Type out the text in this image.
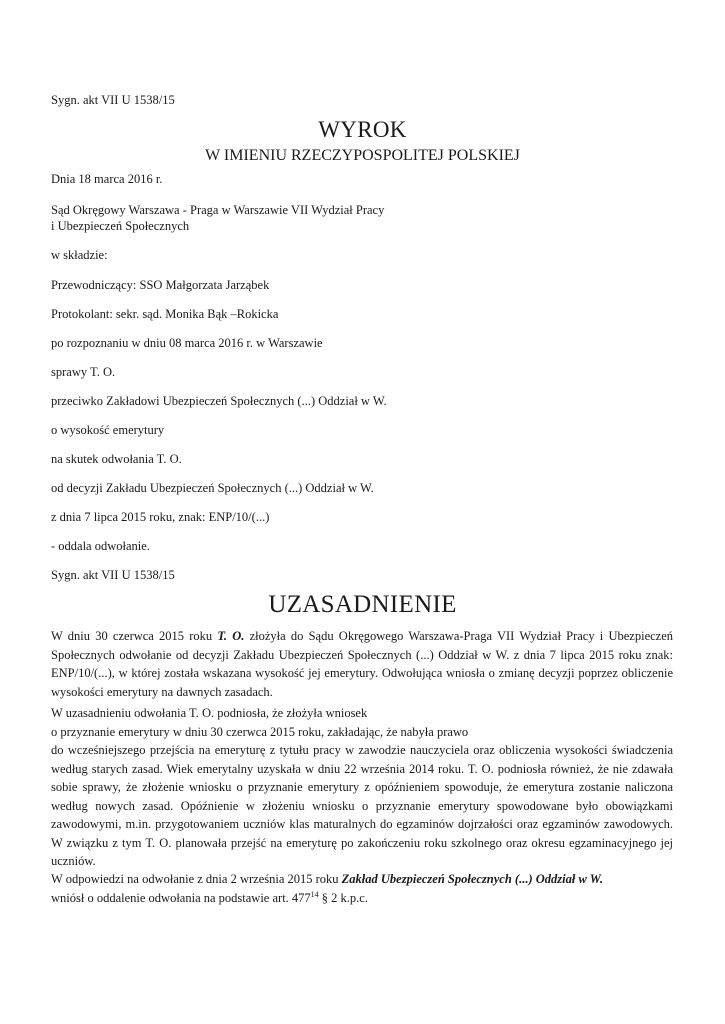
Sygn. akt VII U 1538/15

WYROK
W IMIENIU RZECZYPOSPOLITEJ POLSKIEJ

Dnia 18 marca 2016 r.

Sąd Okręgowy Warszawa - Praga w Warszawie VII Wydział Pracy

i Ubezpieczeń Społecznych

w składzie:

Przewodniczący: SSO Małgorzata Jarząbek

Protokolant: sekr. sąd. Monika Bąk –Rokicka

po rozpoznaniu w dniu 08 marca 2016 r. w Warszawie

sprawy T. O.

przeciwko Zakładowi Ubezpieczeń Społecznych (...) Oddział w W.

o wysokość emerytury

na skutek odwołania T. O.

od decyzji Zakładu Ubezpieczeń Społecznych (...) Oddział w W.

z dnia 7 lipca 2015 roku, znak: ENP/10/(...)

- oddala odwołanie.

Sygn. akt VII U 1538/15

UZASADNIENIE

W dniu 30 czerwca 2015 roku T. O. złożyła do Sądu Okręgowego Warszawa-Praga VII Wydział Pracy i Ubezpieczeń Społecznych odwołanie od decyzji Zakładu Ubezpieczeń Społecznych (...) Oddział w W. z dnia 7 lipca 2015 roku znak: ENP/10/(...), w której została wskazana wysokość jej emerytury. Odwołująca wniosła o zmianę decyzji poprzez obliczenie wysokości emerytury na dawnych zasadach.

W uzasadnieniu odwołania T. O. podniosła, że złożyła wniosek
o przyznanie emerytury w dniu 30 czerwca 2015 roku, zakładając, że nabyła prawo

do wcześniejszego przejścia na emeryturę z tytułu pracy w zawodzie nauczyciela oraz obliczenia wysokości świadczenia według starych zasad. Wiek emerytalny uzyskała w dniu 22 września 2014 roku. T. O. podniosła również, że nie zdawała sobie sprawy, że złożenie wniosku o przyznanie emerytury z opóźnieniem spowoduje, że emerytura zostanie naliczona według nowych zasad. Opóźnienie w złożeniu wniosku o przyznanie emerytury spowodowane było obowiązkami zawodowymi, m.in. przygotowaniem uczniów klas maturalnych do egzaminów dojrzałości oraz egzaminów zawodowych. W związku z tym T. O. planowała przejść na emeryturę po zakończeniu roku szkolnego oraz okresu egzaminacyjnego jej uczniów.

W odpowiedzi na odwołanie z dnia 2 września 2015 roku Zakład Ubezpieczeń Społecznych (...) Oddział w W.
wniósł o oddalenie odwołania na podstawie art. $477^{14}$ § 2 k.p.c.
